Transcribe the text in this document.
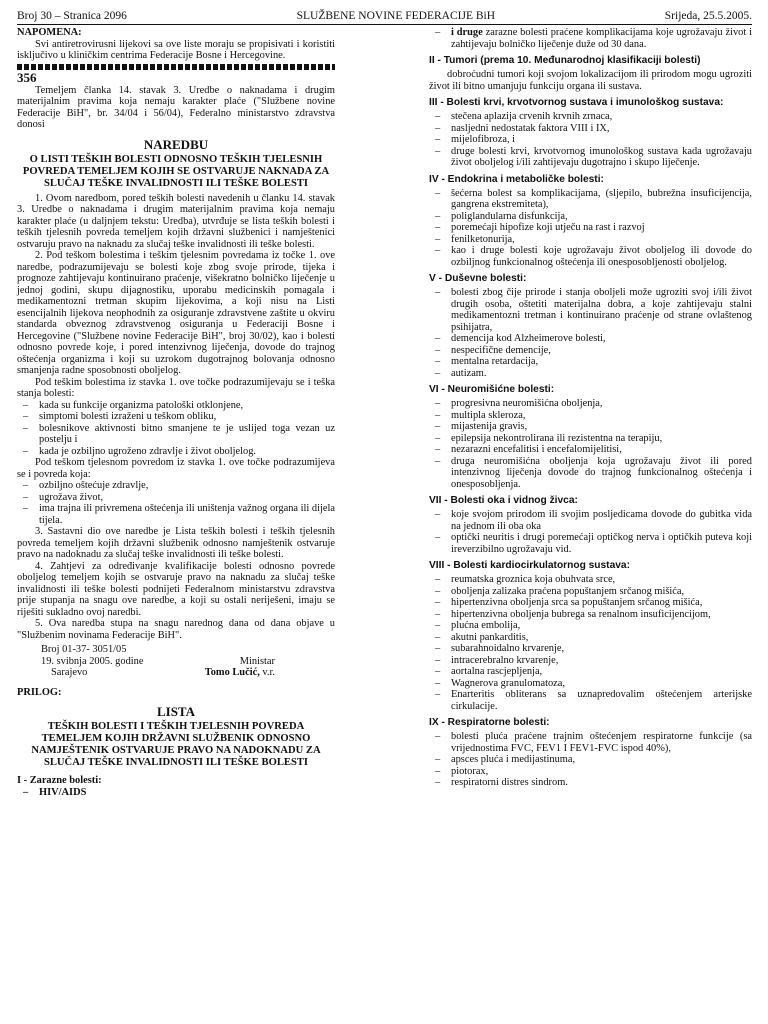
Broj 30 – Stranica 2096	SLUŽBENE NOVINE FEDERACIJE BiH	Srijeda, 25.5.2005.
NAPOMENA:
Svi antiretrovirusni lijekovi sa ove liste moraju se propisivati i koristiti isključivo u kliničkim centrima Federacije Bosne i Hercegovine.
356
Temeljem članka 14. stavak 3. Uredbe o naknadama i drugim materijalnim pravima koja nemaju karakter plaće ("Službene novine Federacije BiH", br. 34/04 i 56/04), Federalno ministarstvo zdravstva donosi
NAREDBU
O LISTI TEŠKIH BOLESTI ODNOSNO TEŠKIH TJELESNIH POVREDA TEMELJEM KOJIH SE OSTVARUJE NAKNADA ZA SLUČAJ TEŠKE INVALIDNOSTI ILI TEŠKE BOLESTI
1. Ovom naredbom, pored teških bolesti navedenih u članku 14. stavak 3. Uredbe o naknadama i drugim materijalnim pravima koja nemaju karakter plaće (u daljnjem tekstu: Uredba), utvrđuje se lista teških bolesti i teških tjelesnih povreda temeljem kojih državni službenici i namještenici ostvaruju pravo na naknadu za slučaj teške invalidnosti ili teške bolesti.
2. Pod teškom bolestima i teškim tjelesnim povredama iz točke 1. ove naredbe, podrazumijevaju se bolesti koje zbog svoje prirode, tijeka i prognoze zahtijevaju kontinuirano praćenje, višekratno bolničko liječenje u jednoj godini, skupu dijagnostiku, uporabu medicinskih pomagala i medikamentozni tretman skupim lijekovima, a koji nisu na Listi esencijalnih lijekova neophodnih za osiguranje zdravstvene zaštite u okviru standarda obveznog zdravstvenog osiguranja u Federaciji Bosne i Hercegovine ("Službene novine Federacije BiH", broj 30/02), kao i bolesti odnosno povrede koje, i pored intenzivnog liječenja, dovode do trajnog oštećenja organizma i koji su uzrokom dugotrajnog bolovanja odnosno smanjenja radne sposobnosti oboljelog.
Pod teškim bolestima iz stavka 1. ove točke podrazumijevaju se i teška stanja bolesti:
–	kada su funkcije organizma patološki otklonjene,
–	simptomi bolesti izraženi u teškom obliku,
–	bolesnikove aktivnosti bitno smanjene te je uslijed toga vezan uz postelju i
–	kada je ozbiljno ugroženo zdravlje i život oboljelog.
Pod teškom tjelesnom povredom iz stavka 1. ove točke podrazumijeva se i povreda koja:
–	ozbiljno oštećuje zdravlje,
–	ugrožava život,
–	ima trajna ili privremena oštećenja ili uništenja važnog organa ili dijela tijela.
3. Sastavni dio ove naredbe je Lista teških bolesti i teških tjelesnih povreda temeljem kojih državni službenik odnosno namještenik ostvaruje pravo na nadoknadu za slučaj teške invalidnosti ili teške bolesti.
4. Zahtjevi za određivanje kvalifikacije bolesti odnosno povrede oboljelog temeljem kojih se ostvaruje pravo na naknadu za slučaj teške invalidnosti ili teške bolesti podnijeti Federalnom ministarstvu zdravstva prije stupanja na snagu ove naredbe, a koji su ostali neriješeni, imaju se riješiti sukladno ovoj naredbi.
5. Ova naredba stupa na snagu narednog dana od dana objave u "Službenim novinama Federacije BiH".
Broj 01-37- 3051/05
19. svibnja 2005. godine	Ministar
Sarajevo	Tomo Lučić, v.r.
PRILOG:
LISTA
TEŠKIH BOLESTI I TEŠKIH TJELESNIH POVREDA TEMELJEM KOJIH DRŽAVNI SLUŽBENIK ODNOSNO NAMJEŠTENIK OSTVARUJE PRAVO NA NADOKNADU ZA SLUČAJ TEŠKE INVALIDNOSTI ILI TEŠKE BOLESTI
I - Zarazne bolesti:
–	HIV/AIDS
–	i druge zarazne bolesti praćene komplikacijama koje ugrožavaju život i zahtijevaju bolničko liječenje duže od 30 dana.
II - Tumori (prema 10. Međunarodnoj klasifikaciji bolesti)
dobroćudni tumori koji svojom lokalizacijom ili prirodom mogu ugroziti život ili bitno umanjuju funkciju organa ili sustava.
III - Bolesti krvi, krvotvornog sustava i imunološkog sustava:
–	stečena aplazija crvenih krvnih zrnaca,
–	nasljedni nedostatak faktora VIII i IX,
–	mijelofibroza, i
–	druge bolesti krvi, krvotvornog imunološkog sustava kada ugrožavaju život oboljelog i/ili zahtijevaju dugotrajno i skupo liječenje.
IV - Endokrina i metaboličke bolesti:
–	šećerna bolest sa komplikacijama, (sljepilo, bubrežna insuficijencija, gangrena ekstremiteta),
–	poliglandularna disfunkcija,
–	poremećaji hipofize koji utječu na rast i razvoj
–	fenilketonurija,
–	kao i druge bolesti koje ugrožavaju život oboljelog ili dovode do ozbiljnog funkcionalnog oštećenja ili onesposobljenosti oboljelog.
V - Duševne bolesti:
–	bolesti zbog čije prirode i stanja oboljeli može ugroziti svoj i/ili život drugih osoba, oštetiti materijalna dobra, a koje zahtijevaju stalni medikamentozni tretman i kontinuirano praćenje od strane ovlaštenog psihijatra,
–	demencija kod Alzheimerove bolesti,
–	nespecifične demencije,
–	mentalna retardacija,
–	autizam.
VI - Neuromišićne bolesti:
–	progresivna neuromišićna oboljenja,
–	multipla skleroza,
–	mijastenija gravis,
–	epilepsija nekontrolirana ili rezistentna na terapiju,
–	nezarazni encefalitisi i encefalomijelitisi,
–	druga neuromišićna oboljenja koja ugrožavaju život ili pored intenzivnog liječenja dovode do trajnog funkcionalnog oštećenja i onesposobljenja.
VII - Bolesti oka i vidnog živca:
–	koje svojom prirodom ili svojim posljedicama dovode do gubitka vida na jednom ili oba oka
–	optički neuritis i drugi poremećaji optičkog nerva i optičkih puteva koji ireverzibilno ugrožavaju vid.
VIII - Bolesti kardiocirkulatornog sustava:
–	reumatska groznica koja obuhvata srce,
–	oboljenja zalizaka praćena popuštanjem srčanog mišića,
–	hipertenzivna oboljenja srca sa popuštanjem srčanog mišića,
–	hipertenzivna oboljenja bubrega sa renalnom insuficijencijom,
–	plućna embolija,
–	akutni pankarditis,
–	subarahnoidalno krvarenje,
–	intracerebralno krvarenje,
–	aortalna rascjepljenja,
–	Wagnerova granulomatoza,
–	Enarteritis obliterans sa uznapredovalim oštećenjem arterijske cirkulacije.
IX - Respiratorne bolesti:
–	bolesti pluća praćene trajnim oštećenjem respiratorne funkcije (sa vrijednostima FVC, FEV1 I FEV1-FVC ispod 40%),
–	apsces pluća i medijastinuma,
–	piotorax,
–	respiratorni distres sindrom.
